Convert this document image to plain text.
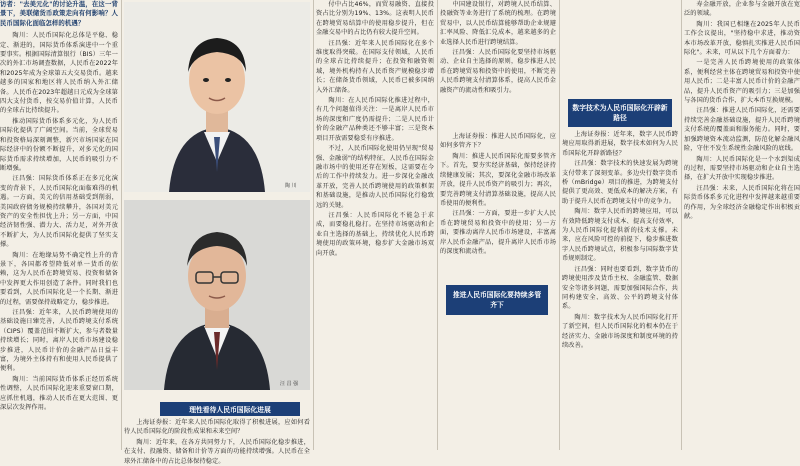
访者："去美元化"的讨论升温，在这一背景下，美联储货币政策走向有何影响？人民币国际化面临怎样的机遇？

陶川：人民币国际化总体是平稳、稳定、渐进的，国际货币体系演进中一个重要事实。根据国际清算银行（BIS）三年一次的外汇市场调查数据，人民币在2022年和2025年成为全球第五大交易货币。越来越多的国家和地区将人民币纳入外汇储备。人民币在2023年超越日元成为全球第四大支付货币，按交易价值计算，人民币的全球占比持续提升。

推动国际货币体系多元化，为人民币国际化提供了广阔空间。当前，全球贸易和投资格局深刻调整，新兴市场国家在国际经济中的份额不断提升，对多元化的国际货币需求持续增加，人民币的吸引力不断增强。

汪昌强：国际货币体系正在多元化演变的背景下，人民币国际化面临难得的机遇。一方面，美元的信用基础受到削弱，美国政府债务规模持续攀升，各国对美元资产的安全性担忧上升；另一方面，中国经济韧性强、潜力大、活力足，对外开放不断扩大，为人民币国际化提供了坚实支撑。

陶川：在地缘局势不确定性上升的背景下，各国都希望降低对单一货币的依赖，这为人民币在跨境贸易、投资和储备中发挥更大作用创造了条件。同时我们也要看到，人民币国际化是一个长期、渐进的过程，需要保持战略定力，稳步推进。

汪昌强：近年来，人民币跨境使用的基础设施日臻完善，人民币跨境支付系统（CIPS）覆盖范围不断扩大，参与者数量持续增长；同时，离岸人民币市场建设稳步推进，人民币计价的金融产品日益丰富，为境外主体持有和使用人民币提供了便利。

陶川：当前国际货币体系正经历系统性调整，人民币国际化迎来重要窗口期，应抓住机遇，推动人民币在更大范围、更深层次发挥作用。

陶 川
汪 昌 强
理性看待人民币国际化进展

上海证券报：近年来人民币国际化取得了积极进展，应如何看待人民币国际化的阶段性成果和未来空间？

陶川：近年来，在各方共同努力下，人民币国际化稳步推进，在支付、投融资、储备和计价等方面的功能持续增强。人民币在全球外汇储备中的占比总体保持稳定。

付中占比46%，而贸易融资、直接投资占比分别为19%、13%。这表明人民币在跨境贸易结算中的使用稳步提升，但在金融交易中的占比仍有较大提升空间。

汪昌强：近年来人民币国际化在多个维度取得突破。在国际支付领域，人民币的全球占比持续提升；在投资和融资领域，境外机构持有人民币资产规模稳步增长；在储备货币领域，人民币已被多国纳入外汇储备。

陶川：在人民币国际化推进过程中，有几个问题值得关注：一是离岸人民币市场的深度和广度仍需提升；二是人民币计价的金融产品种类还不够丰富；三是资本项目开放需要稳妥有序推进。

不过，人民币国际化使用仍呈现"贸易强、金融弱"的结构特征，人民币在国际金融市场中的使用还存在短板，这需要在今后的工作中持续发力。进一步深化金融改革开放，完善人民币跨境使用的政策框架和基础设施，是推动人民币国际化行稳致远的关键。

汪昌强：人民币国际化不能急于求成，而要稳扎稳打。在坚持市场驱动和企业自主选择的基础上，持续优化人民币跨境使用的政策环境，稳步扩大金融市场双向开放。

中国建设银行，对跨境人民币结算、投融资等业务进行了系统的梳理。在跨境贸易中，以人民币结算能够帮助企业规避汇率风险、降低汇兑成本，越来越多的企业选择人民币进行跨境结算。

汪昌强：人民币国际化要坚持市场驱动、企业自主选择的原则，稳步推进人民币在跨境贸易和投资中的使用，不断完善人民币跨境支付清算体系，提高人民币金融资产的流动性和吸引力。

上海证券报：推进人民币国际化，应如何多管齐下？

陶川：推进人民币国际化需要多管齐下。首先，要夯实经济基础，保持经济持续健康发展；其次，要深化金融市场改革开放，提升人民币资产的吸引力；再次，要完善跨境支付清算基础设施，提高人民币使用的便利性。

汪昌强：一方面，要进一步扩大人民币在跨境贸易和投资中的使用；另一方面，要推动离岸人民币市场建设，丰富离岸人民币金融产品，提升离岸人民币市场的深度和流动性。

推进人民币国际化要持续多管齐下

上海证券报：近年来，数字人民币跨境应用取得新进展，数字技术如何为人民币国际化开辟新路径？

汪昌强：数字技术的快速发展为跨境支付带来了深刻变革。多边央行数字货币桥（mBridge）项目的推进，为跨境支付提供了更高效、更低成本的解决方案，有助于提升人民币在跨境支付中的竞争力。

陶川：数字人民币的跨境应用，可以有效降低跨境支付成本、提高支付效率，为人民币国际化提供新的技术支撑。未来，应在风险可控的前提下，稳步推进数字人民币跨境试点，积极参与国际数字货币规则制定。

汪昌强：同时也要看到，数字货币的跨境使用涉及货币主权、金融监管、数据安全等诸多问题，需要加强国际合作，共同构建安全、高效、公平的跨境支付体系。

陶川：数字技术为人民币国际化打开了新空间，但人民币国际化的根本仍在于经济实力、金融市场深度和制度环境的持续改善。

数字技术为人民币国际化开辟新路径

寿金融开放，企业参与金融开放在宽泛的领域。

陶川：我国已相继在2025年人民币工作会议提出，"坚持稳中求进，推动资本市场改革开放，稳慎扎实推进人民币国际化"。未来，可从以下几个方面着力：

一是完善人民币跨境使用的政策体系，便利经营主体在跨境贸易和投资中使用人民币；二是丰富人民币计价的金融产品，提升人民币资产的吸引力；三是加强与各国的货币合作，扩大本币互换规模。

汪昌强：推进人民币国际化，还需要持续完善金融基础设施，提升人民币跨境支付系统的覆盖面和服务能力。同时，要加强跨境资本流动监测，防范化解金融风险，守住不发生系统性金融风险的底线。

陶川：人民币国际化是一个水到渠成的过程，需要坚持市场驱动和企业自主选择，在扩大开放中实现稳步推进。

汪昌强：未来，人民币国际化将在国际货币体系多元化进程中发挥越来越重要的作用，为全球经济金融稳定作出积极贡献。
